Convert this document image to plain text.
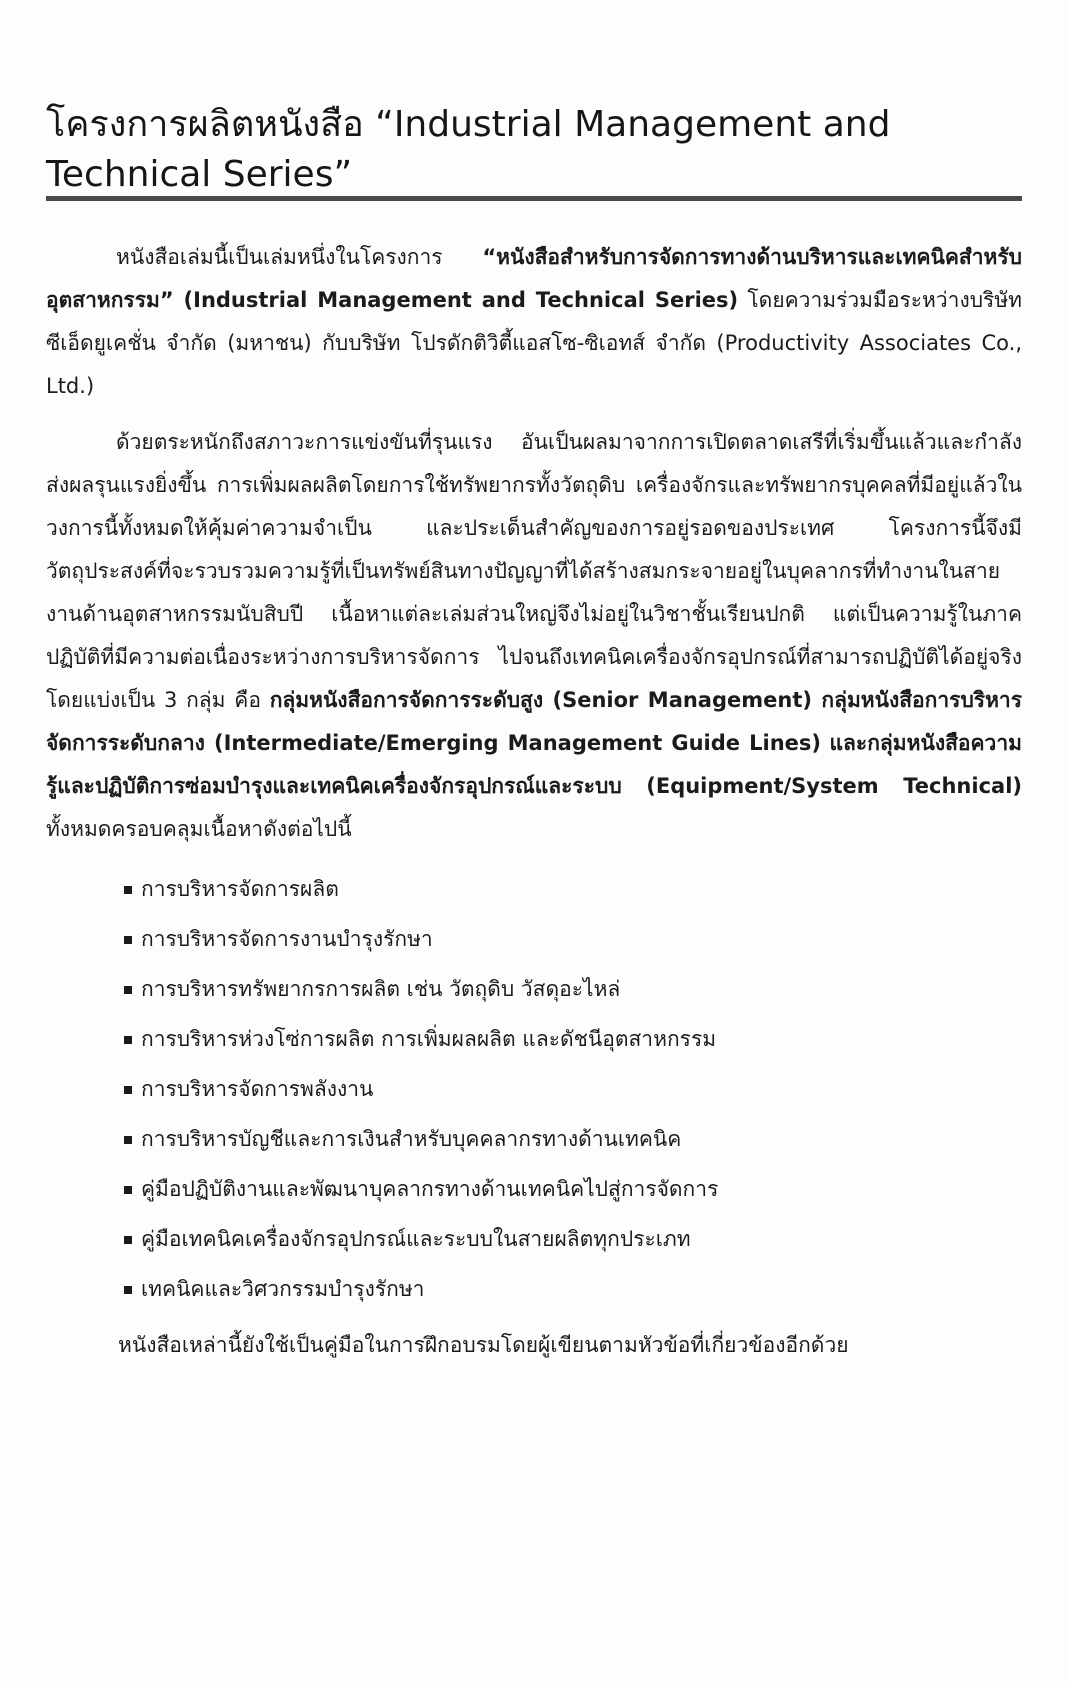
โครงการผลิตหนังสือ “Industrial Management and
Technical Series”

หนังสือเล่มนี้เป็นเล่มหนึ่งในโครงการ “หนังสือสำหรับการจัดการทางด้านบริหารและเทคนิคสำหรับอุตสาหกรรม” (Industrial Management and Technical Series) โดยความร่วมมือระหว่างบริษัท ซีเอ็ดยูเคชั่น จำกัด (มหาชน) กับบริษัท โปรดักติวิตี้แอสโซ-ซิเอทส์ จำกัด (Productivity Associates Co., Ltd.)

ด้วยตระหนักถึงสภาวะการแข่งขันที่รุนแรง อันเป็นผลมาจากการเปิดตลาดเสรีที่เริ่มขึ้นแล้วและกำลังส่งผลรุนแรงยิ่งขึ้น การเพิ่มผลผลิตโดยการใช้ทรัพยากรทั้งวัตถุดิบ เครื่องจักรและทรัพยากรบุคคลที่มีอยู่แล้วในวงการนี้ทั้งหมดให้คุ้มค่าความจำเป็น และประเด็นสำคัญของการอยู่รอดของประเทศ โครงการนี้จึงมีวัตถุประสงค์ที่จะรวบรวมความรู้ที่เป็นทรัพย์สินทางปัญญาที่ได้สร้างสมกระจายอยู่ในบุคลากรที่ทำงานในสายงานด้านอุตสาหกรรมนับสิบปี เนื้อหาแต่ละเล่มส่วนใหญ่จึงไม่อยู่ในวิชาชั้นเรียนปกติ แต่เป็นความรู้ในภาคปฏิบัติที่มีความต่อเนื่องระหว่างการบริหารจัดการ ไปจนถึงเทคนิคเครื่องจักรอุปกรณ์ที่สามารถปฏิบัติได้อยู่จริงโดยแบ่งเป็น 3 กลุ่ม คือ กลุ่มหนังสือการจัดการระดับสูง (Senior Management) กลุ่มหนังสือการบริหารจัดการระดับกลาง (Intermediate/Emerging Management Guide Lines) และกลุ่มหนังสือความรู้และปฏิบัติการซ่อมบำรุงและเทคนิคเครื่องจักรอุปกรณ์และระบบ (Equipment/System Technical) ทั้งหมดครอบคลุมเนื้อหาดังต่อไปนี้

การบริหารจัดการผลิต
การบริหารจัดการงานบำรุงรักษา
การบริหารทรัพยากรการผลิต เช่น วัตถุดิบ วัสดุอะไหล่
การบริหารห่วงโซ่การผลิต การเพิ่มผลผลิต และดัชนีอุตสาหกรรม
การบริหารจัดการพลังงาน
การบริหารบัญชีและการเงินสำหรับบุคคลากรทางด้านเทคนิค
คู่มือปฏิบัติงานและพัฒนาบุคลากรทางด้านเทคนิคไปสู่การจัดการ
คู่มือเทคนิคเครื่องจักรอุปกรณ์และระบบในสายผลิตทุกประเภท
เทคนิคและวิศวกรรมบำรุงรักษา

หนังสือเหล่านี้ยังใช้เป็นคู่มือในการฝึกอบรมโดยผู้เขียนตามหัวข้อที่เกี่ยวข้องอีกด้วย
